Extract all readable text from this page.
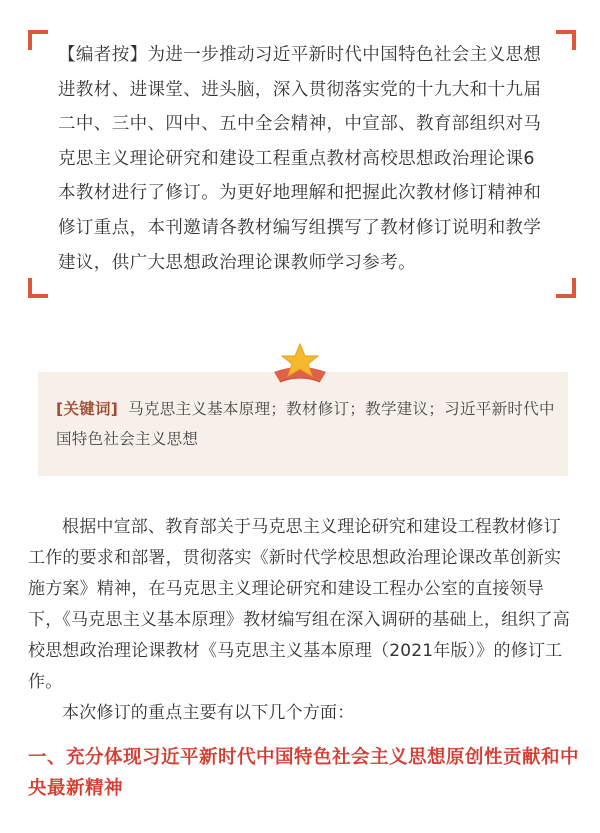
【编者按】为进一步推动习近平新时代中国特色社会主义思想进教材、进课堂、进头脑，深入贯彻落实党的十九大和十九届二中、三中、四中、五中全会精神，中宣部、教育部组织对马克思主义理论研究和建设工程重点教材高校思想政治理论课6本教材进行了修订。为更好地理解和把握此次教材修订精神和修订重点，本刊邀请各教材编写组撰写了教材修订说明和教学建议，供广大思想政治理论课教师学习参考。

[关键词] 马克思主义基本原理；教材修订；教学建议；习近平新时代中国特色社会主义思想

根据中宣部、教育部关于马克思主义理论研究和建设工程教材修订工作的要求和部署，贯彻落实《新时代学校思想政治理论课改革创新实施方案》精神，在马克思主义理论研究和建设工程办公室的直接领导下，《马克思主义基本原理》教材编写组在深入调研的基础上，组织了高校思想政治理论课教材《马克思主义基本原理（2021年版）》的修订工作。

本次修订的重点主要有以下几个方面：

一、充分体现习近平新时代中国特色社会主义思想原创性贡献和中央最新精神
